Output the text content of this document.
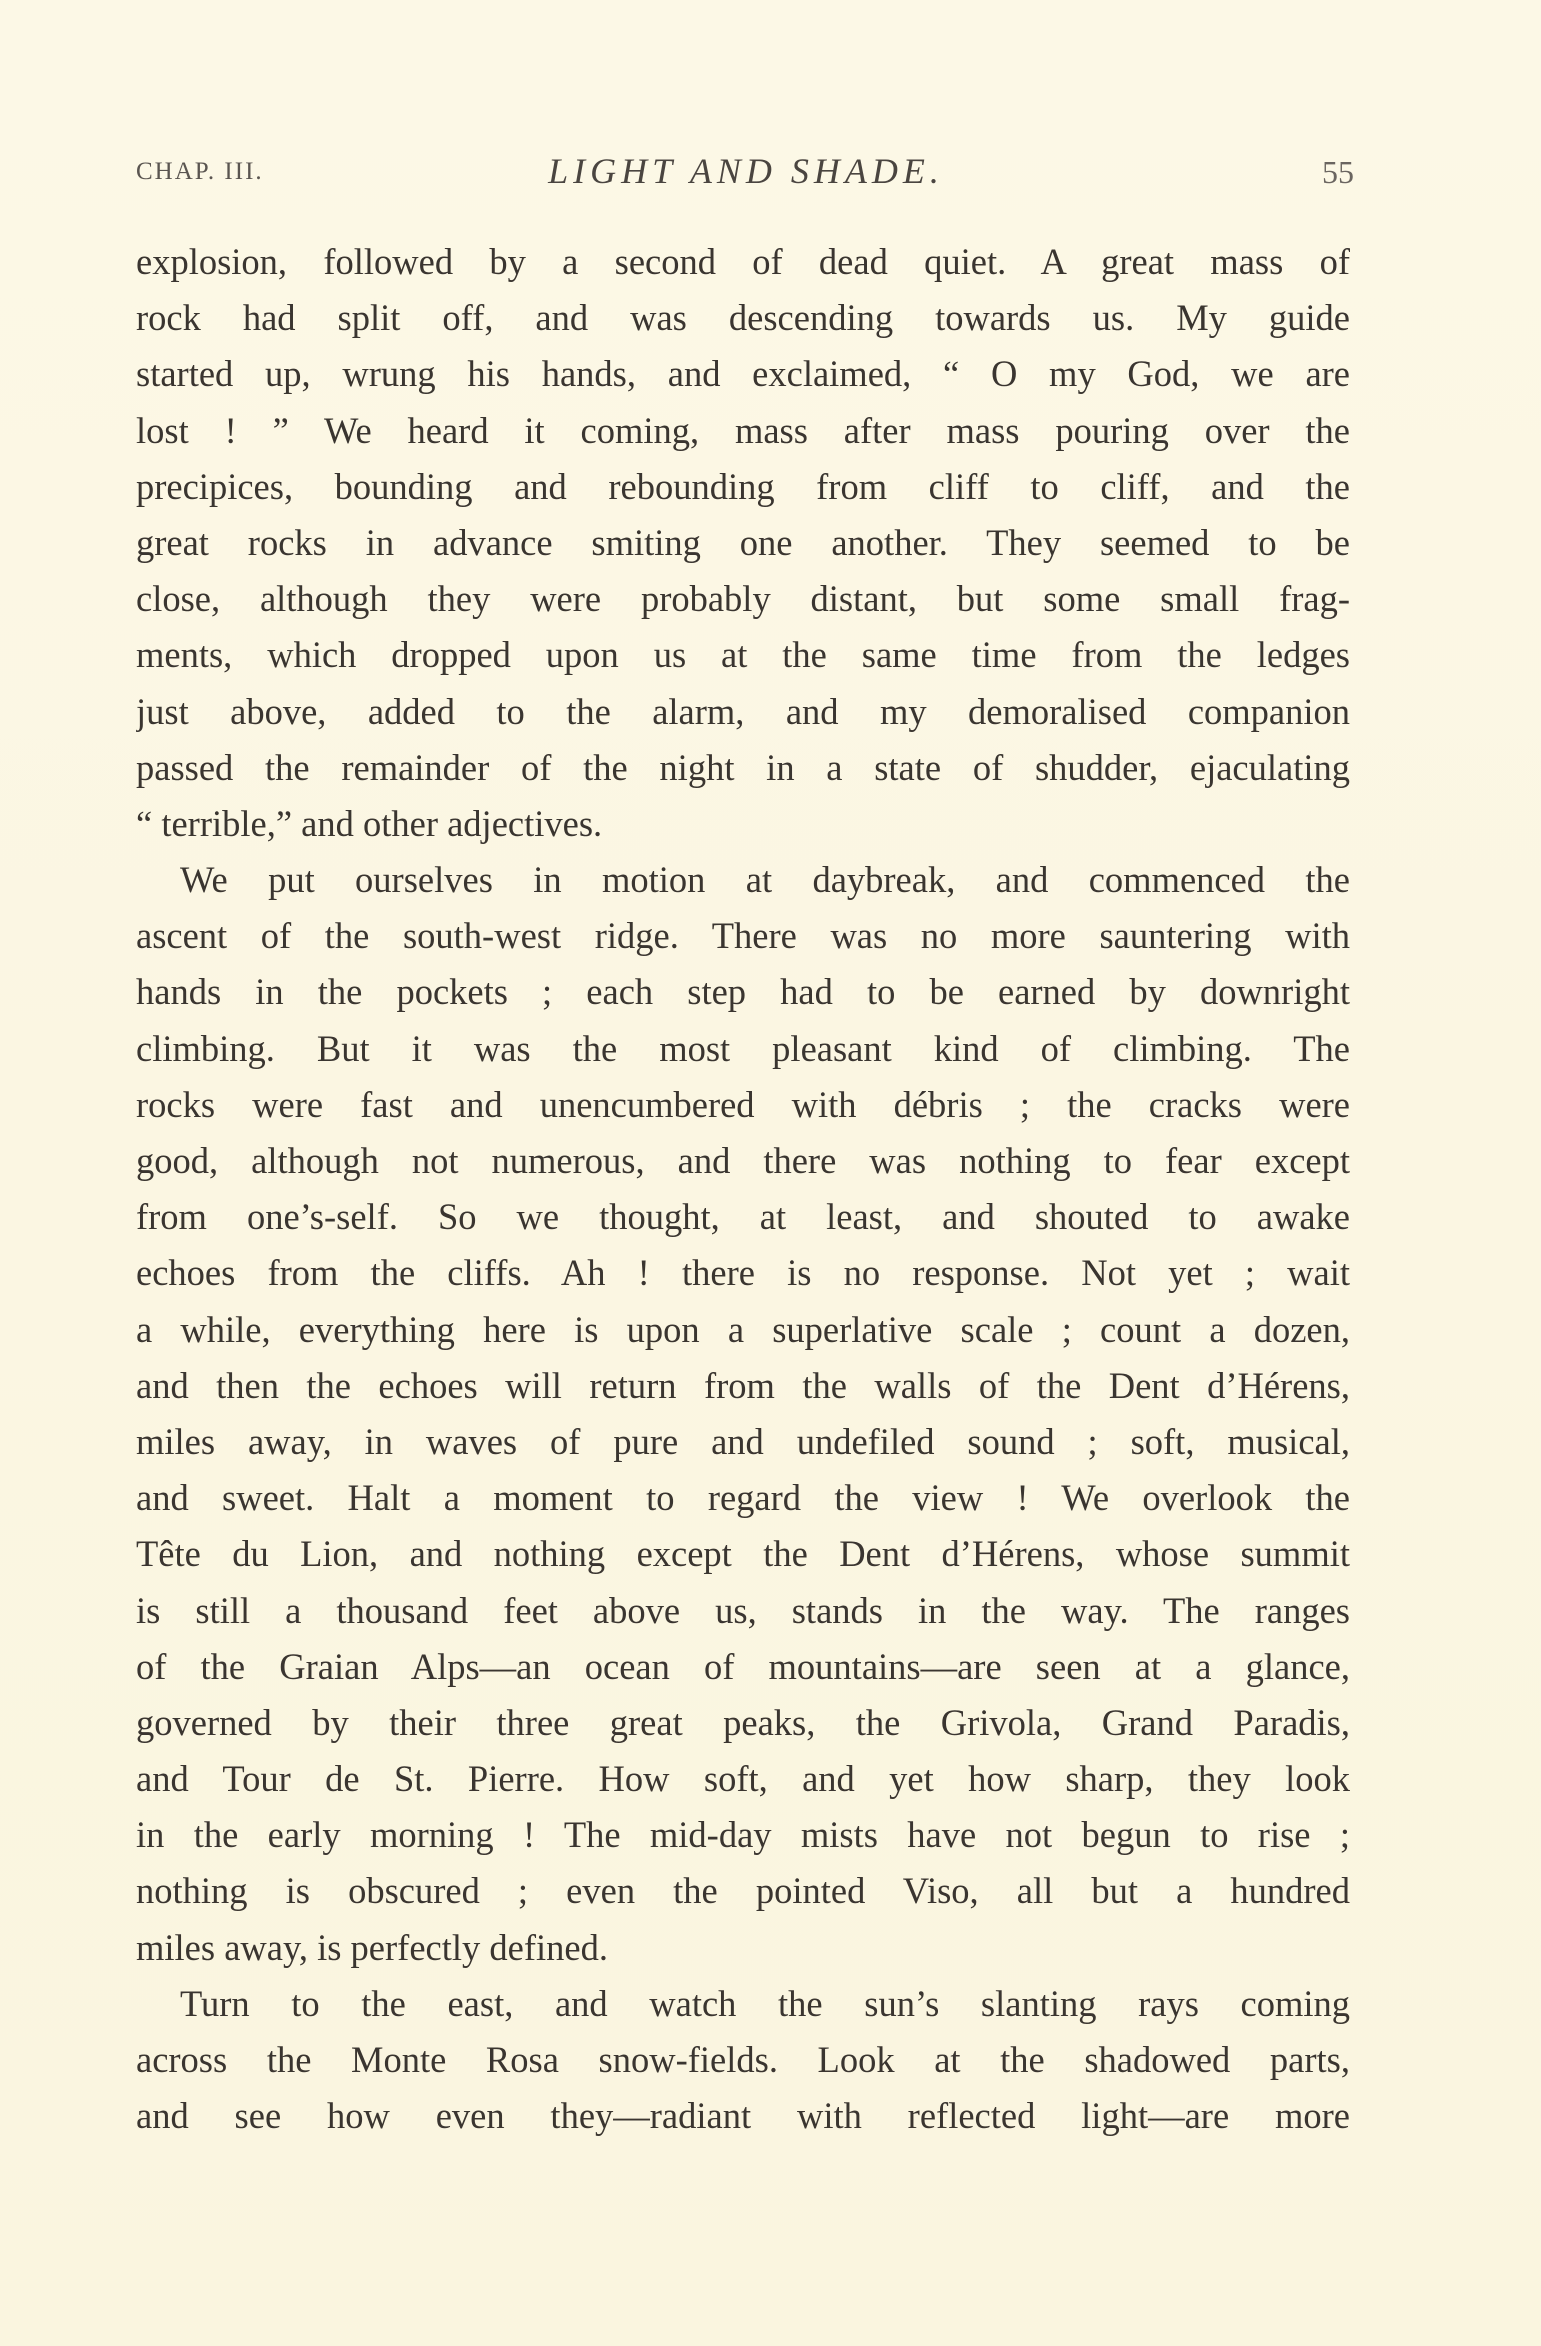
CHAP. III.	LIGHT AND SHADE.	55
explosion, followed by a second of dead quiet. A great mass of
rock had split off, and was descending towards us. My guide
started up, wrung his hands, and exclaimed, “ O my God, we are
lost ! ” We heard it coming, mass after mass pouring over the
precipices, bounding and rebounding from cliff to cliff, and the
great rocks in advance smiting one another. They seemed to be
close, although they were probably distant, but some small frag-
ments, which dropped upon us at the same time from the ledges
just above, added to the alarm, and my demoralised companion
passed the remainder of the night in a state of shudder, ejaculating
“ terrible,” and other adjectives.
We put ourselves in motion at daybreak, and commenced the
ascent of the south-west ridge. There was no more sauntering with
hands in the pockets ; each step had to be earned by downright
climbing. But it was the most pleasant kind of climbing. The
rocks were fast and unencumbered with débris ; the cracks were
good, although not numerous, and there was nothing to fear except
from one’s-self. So we thought, at least, and shouted to awake
echoes from the cliffs. Ah ! there is no response. Not yet ; wait
a while, everything here is upon a superlative scale ; count a dozen,
and then the echoes will return from the walls of the Dent d’Hérens,
miles away, in waves of pure and undefiled sound ; soft, musical,
and sweet. Halt a moment to regard the view ! We overlook the
Tête du Lion, and nothing except the Dent d’Hérens, whose summit
is still a thousand feet above us, stands in the way. The ranges
of the Graian Alps—an ocean of mountains—are seen at a glance,
governed by their three great peaks, the Grivola, Grand Paradis,
and Tour de St. Pierre. How soft, and yet how sharp, they look
in the early morning ! The mid-day mists have not begun to rise ;
nothing is obscured ; even the pointed Viso, all but a hundred
miles away, is perfectly defined.
Turn to the east, and watch the sun’s slanting rays coming
across the Monte Rosa snow-fields. Look at the shadowed parts,
and see how even they—radiant with reflected light—are more
